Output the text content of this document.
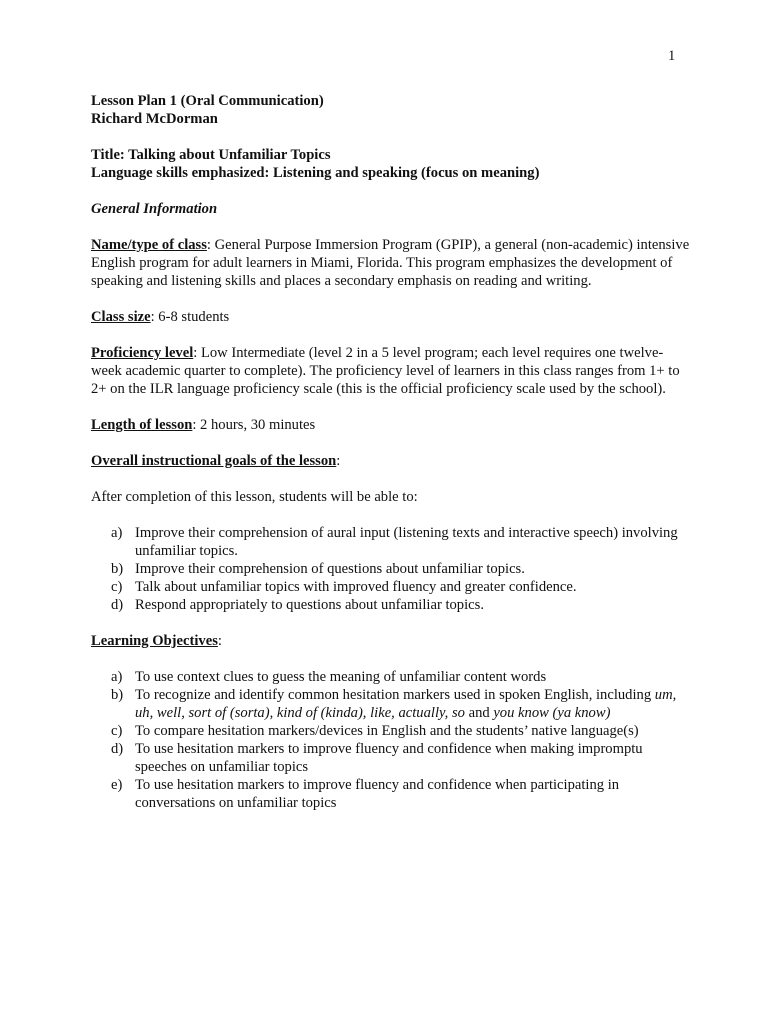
1

Lesson Plan 1 (Oral Communication)

Richard McDorman

Title: Talking about Unfamiliar Topics

Language skills emphasized: Listening and speaking (focus on meaning)

General Information

Name/type of class: General Purpose Immersion Program (GPIP), a general (non-academic) intensive English program for adult learners in Miami, Florida. This program emphasizes the development of speaking and listening skills and places a secondary emphasis on reading and writing.

Class size: 6-8 students

Proficiency level: Low Intermediate (level 2 in a 5 level program; each level requires one twelve-week academic quarter to complete). The proficiency level of learners in this class ranges from 1+ to 2+ on the ILR language proficiency scale (this is the official proficiency scale used by the school).

Length of lesson: 2 hours, 30 minutes

Overall instructional goals of the lesson:

After completion of this lesson, students will be able to:

a) Improve their comprehension of aural input (listening texts and interactive speech) involving unfamiliar topics.
b) Improve their comprehension of questions about unfamiliar topics.
c) Talk about unfamiliar topics with improved fluency and greater confidence.
d) Respond appropriately to questions about unfamiliar topics.

Learning Objectives:

a) To use context clues to guess the meaning of unfamiliar content words
b) To recognize and identify common hesitation markers used in spoken English, including um, uh, well, sort of (sorta), kind of (kinda), like, actually, so and you know (ya know)
c) To compare hesitation markers/devices in English and the students’ native language(s)
d) To use hesitation markers to improve fluency and confidence when making impromptu speeches on unfamiliar topics
e) To use hesitation markers to improve fluency and confidence when participating in conversations on unfamiliar topics
